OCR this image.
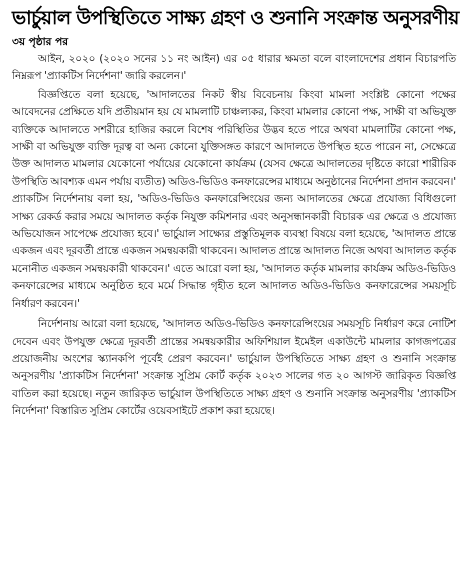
ভার্চুয়াল উপস্থিতিতে সাক্ষ্য গ্রহণ ও শুনানি সংক্রান্ত অনুসরণীয়
৩য় পৃষ্ঠার পর

আইন, ২০২০ (২০২০ সনের ১১ নং আইন) এর ০৫ ধারার ক্ষমতা বলে বাংলাদেশের প্রধান বিচারপতি নিম্নরূপ 'প্র্যাকটিস নির্দেশনা' জারি করলেন।'

বিজ্ঞপ্তিতে বলা হয়েছে, 'আদালতের নিকট স্বীয় বিবেচনায় কিংবা মামলা সংশ্লিষ্ট কোনো পক্ষের আবেদনের প্রেক্ষিতে যদি প্রতীয়মান হয় যে মামলাটি চাঞ্চল্যকর, কিংবা মামলার কোনো পক্ষ, সাক্ষী বা অভিযুক্ত ব্যক্তিকে আদালতে সশরীরে হাজির করলে বিশেষ পরিস্থিতির উদ্ভব হতে পারে অথবা মামলাটির কোনো পক্ষ, সাক্ষী বা অভিযুক্ত ব্যক্তি দূরত্ব বা অন্য কোনো যুক্তিসঙ্গত কারণে আদালতে উপস্থিত হতে পারেন না, সেক্ষেত্রে উক্ত আদালত মামলার যেকোনো পর্যায়ের যেকোনো কার্যক্রম (যেসব ক্ষেত্রে আদালতের দৃষ্টিতে কারো শারীরিক উপস্থিতি আবশ্যক এমন পর্যায় ব্যতীত) অডিও-ভিডিও কনফারেন্সের মাধ্যমে অনুষ্ঠানের নির্দেশনা প্রদান করবেন।' প্র্যাকটিস নির্দেশনায় বলা হয়, 'অডিও-ভিডিও কনফারেন্সিংয়ের জন্য আদালতের ক্ষেত্রে প্রযোজ্য বিধিগুলো সাক্ষ্য রেকর্ড করার সময়ে আদালত কর্তৃক নিযুক্ত কমিশনার এবং অনুসন্ধানকারী বিচারক এর ক্ষেত্রে ও প্রযোজ্য অভিযোজন সাপেক্ষে প্রযোজ্য হবে।' ভার্চুয়াল সাক্ষ্যের প্রস্তুতিমূলক ব্যবস্থা বিষয়ে বলা হয়েছে, 'আদালত প্রান্তে একজন এবং দূরবর্তী প্রান্তে একজন সমন্বয়কারী থাকবেন। আদালত প্রান্তে আদালত নিজে অথবা আদালত কর্তৃক মনোনীত একজন সমন্বয়কারী থাকবেন।' এতে আরো বলা হয়, 'আদালত কর্তৃক মামলার কার্যক্রম অডিও-ভিডিও কনফারেন্সের মাধ্যমে অনুষ্ঠিত হবে মর্মে সিদ্ধান্ত গৃহীত হলে আদালত অডিও-ভিডিও কনফারেন্সের সময়সূচি নির্ধারণ করবেন।'

নির্দেশনায় আরো বলা হয়েছে, 'আদালত অডিও-ভিডিও কনফারেন্সিংয়ের সময়সূচি নির্ধারণ করে নোটিশ দেবেন এবং উপযুক্ত ক্ষেত্রে দূরবর্তী প্রান্তের সমন্বয়কারীর অফিশিয়াল ইমেইল একাউন্টে মামলার কাগজপত্রের প্রয়োজনীয় অংশের স্ক্যানকপি পূর্বেই প্রেরণ করবেন।' ভার্চুয়াল উপস্থিতিতে সাক্ষ্য গ্রহণ ও শুনানি সংক্রান্ত অনুসরণীয় 'প্র্যাকটিস নির্দেশনা' সংক্রান্ত সুপ্রিম কোর্ট কর্তৃক ২০২৩ সালের গত ২০ আগস্ট জারিকৃত বিজ্ঞপ্তি বাতিল করা হয়েছে। নতুন জারিকৃত ভার্চুয়াল উপস্থিতিতে সাক্ষ্য গ্রহণ ও শুনানি সংক্রান্ত অনুসরণীয় 'প্র্যাকটিস নির্দেশনা' বিস্তারিত সুপ্রিম কোর্টের ওয়েবসাইটে প্রকাশ করা হয়েছে।
